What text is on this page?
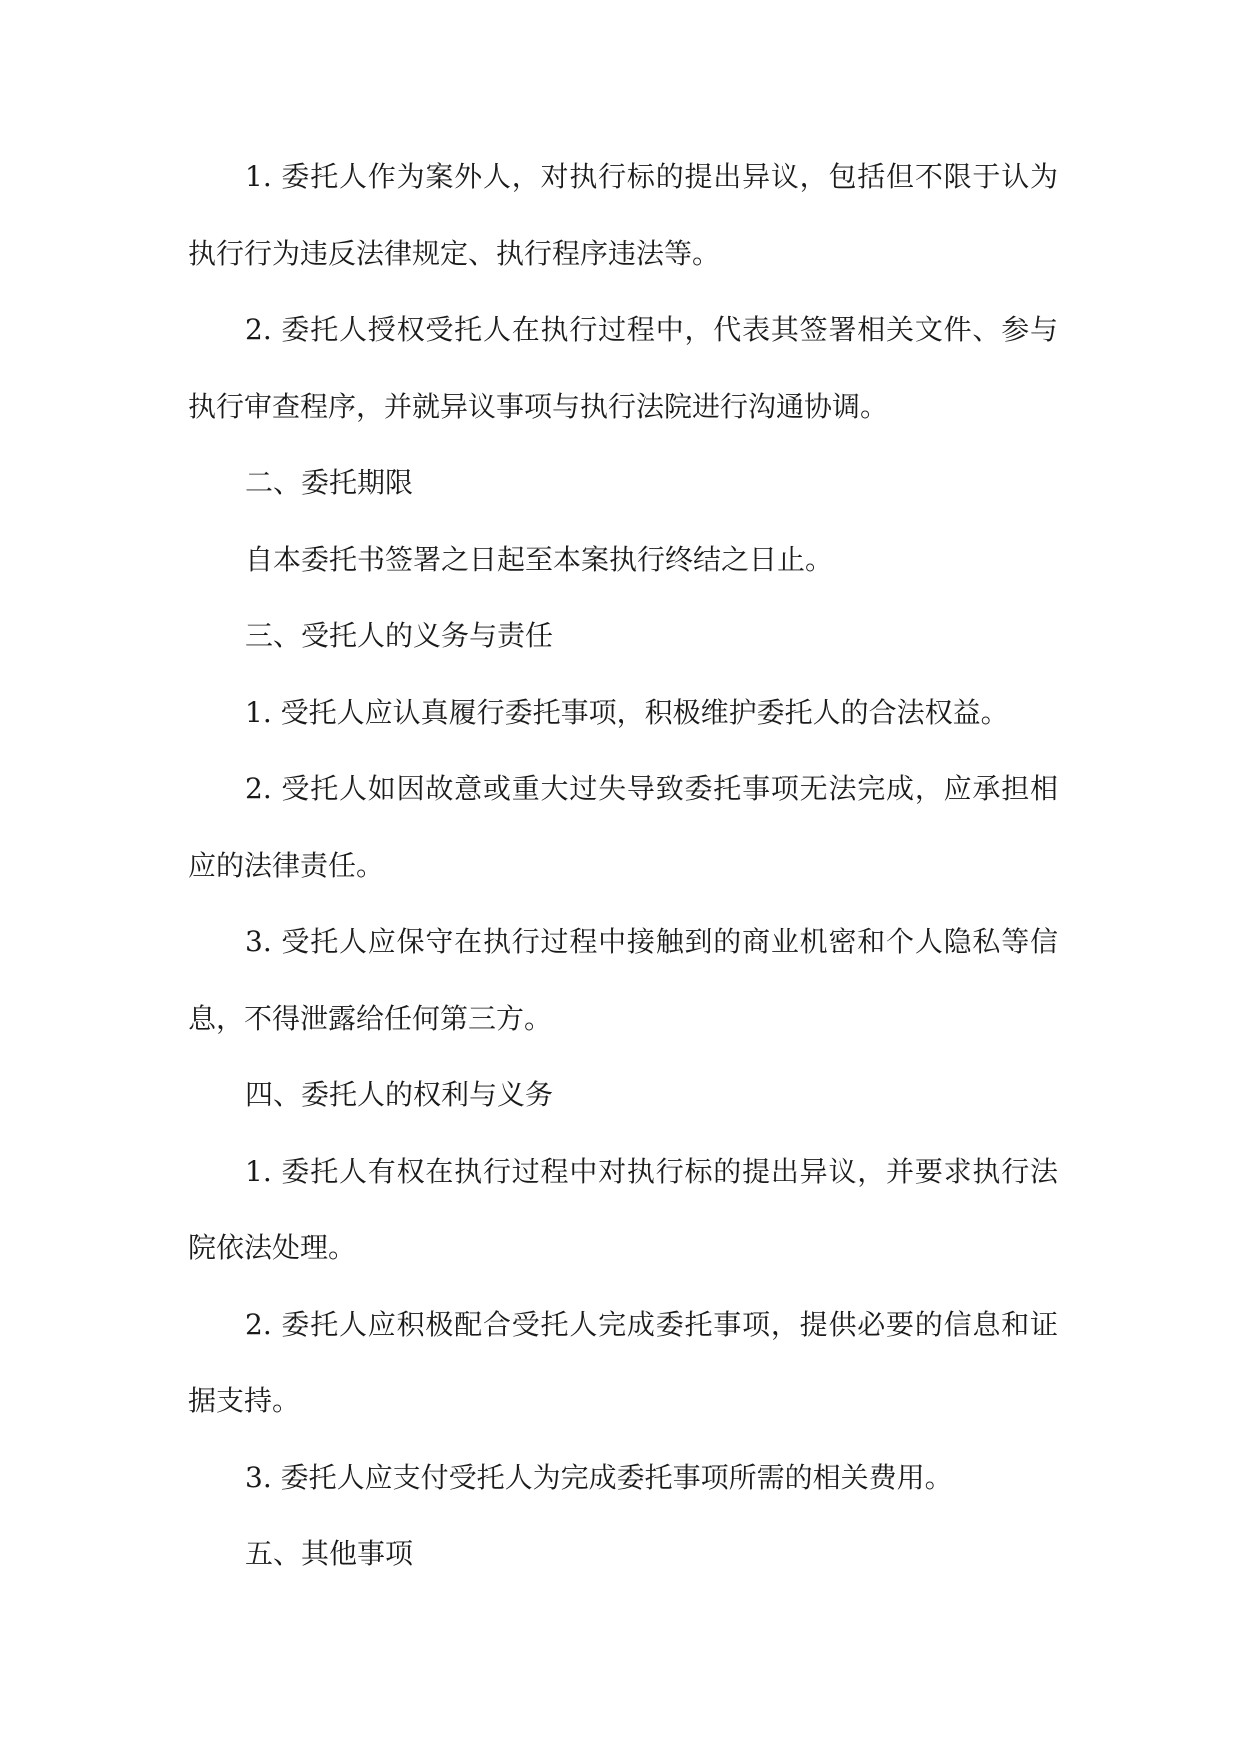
1. 委托人作为案外人，对执行标的提出异议，包括但不限于认为执行行为违反法律规定、执行程序违法等。

2. 委托人授权受托人在执行过程中，代表其签署相关文件、参与执行审查程序，并就异议事项与执行法院进行沟通协调。

二、委托期限

自本委托书签署之日起至本案执行终结之日止。

三、受托人的义务与责任

1. 受托人应认真履行委托事项，积极维护委托人的合法权益。

2. 受托人如因故意或重大过失导致委托事项无法完成，应承担相应的法律责任。

3. 受托人应保守在执行过程中接触到的商业机密和个人隐私等信息，不得泄露给任何第三方。

四、委托人的权利与义务

1. 委托人有权在执行过程中对执行标的提出异议，并要求执行法院依法处理。

2. 委托人应积极配合受托人完成委托事项，提供必要的信息和证据支持。

3. 委托人应支付受托人为完成委托事项所需的相关费用。

五、其他事项
